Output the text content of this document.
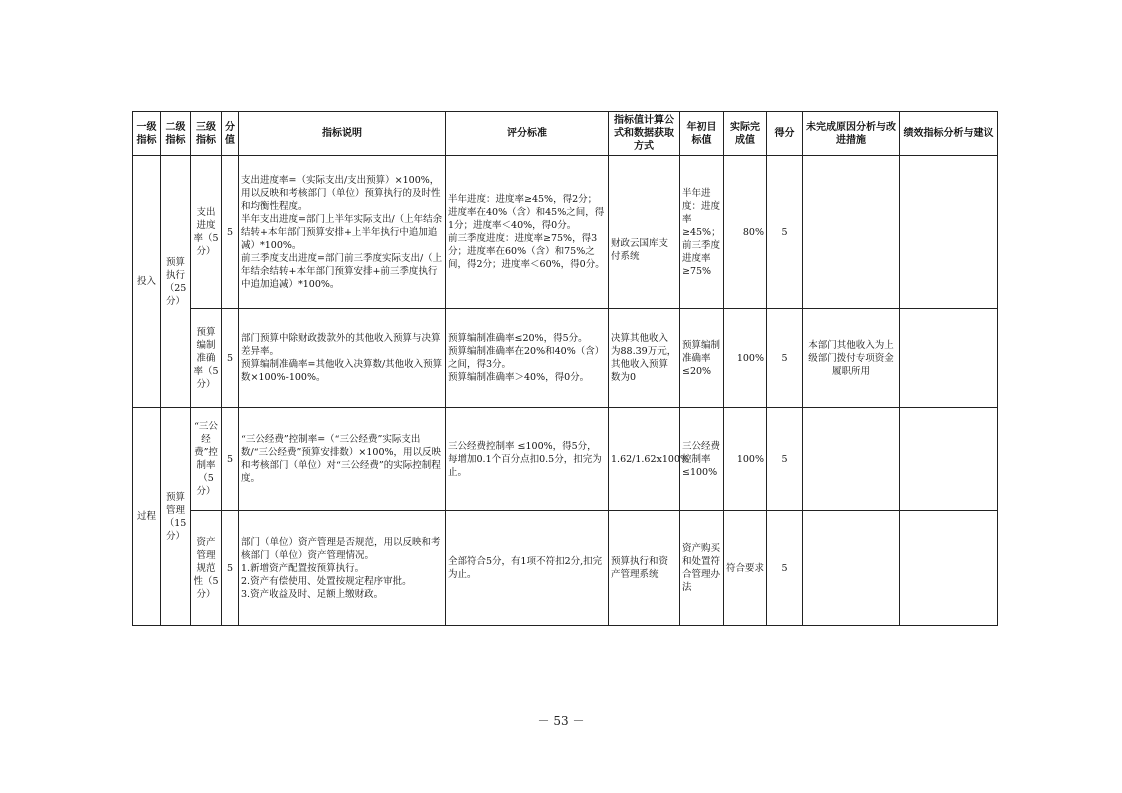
一级指标	二级指标	三级指标	分值	指标说明	评分标准	指标值计算公式和数据获取方式	年初目标值	实际完成值	得分	未完成原因分析与改进措施	绩效指标分析与建议
投入	预算执行（25分）	支出进度率（5分）	5	支出进度率=（实际支出/支出预算）×100%，用以反映和考核部门（单位）预算执行的及时性和均衡性程度。
半年支出进度=部门上半年实际支出/（上年结余结转+本年部门预算安排+上半年执行中追加追减）*100%。
前三季度支出进度=部门前三季度实际支出/（上年结余结转+本年部门预算安排+前三季度执行中追加追减）*100%。	半年进度：进度率≥45%，得2分；进度率在40%（含）和45%之间，得1分；进度率＜40%，得0分。
前三季度进度：进度率≥75%，得3分；进度率在60%（含）和75%之间，得2分；进度率＜60%，得0分。	财政云国库支付系统	半年进度：进度率≥45%；前三季度进度率≥75%	80%	5		
		预算编制准确率（5分）	5	部门预算中除财政拨款外的其他收入预算与决算差异率。
预算编制准确率=其他收入决算数/其他收入预算数×100%-100%。	预算编制准确率≤20%，得5分。
预算编制准确率在20%和40%（含）之间，得3分。
预算编制准确率＞40%，得0分。	决算其他收入为88.39万元，其他收入预算数为0	预算编制准确率≤20%	100%	5	本部门其他收入为上级部门拨付专项资金履职所用	
过程	预算管理（15分）	“三公经费”控制率（5分）	5	“三公经费”控制率=（“三公经费”实际支出数/“三公经费”预算安排数）×100%，用以反映和考核部门（单位）对“三公经费”的实际控制程度。	三公经费控制率 ≤100%，得5分，每增加0.1个百分点扣0.5分，扣完为止。	1.62/1.62x100%	三公经费控制率 ≤100%	100%	5		
		资产管理规范性（5分）	5	部门（单位）资产管理是否规范，用以反映和考核部门（单位）资产管理情况。
1.新增资产配置按预算执行。
2.资产有偿使用、处置按规定程序审批。
3.资产收益及时、足额上缴财政。	全部符合5分，有1项不符扣2分,扣完为止。	预算执行和资产管理系统	资产购买和处置符合管理办法	符合要求	5		
－ 53 －
